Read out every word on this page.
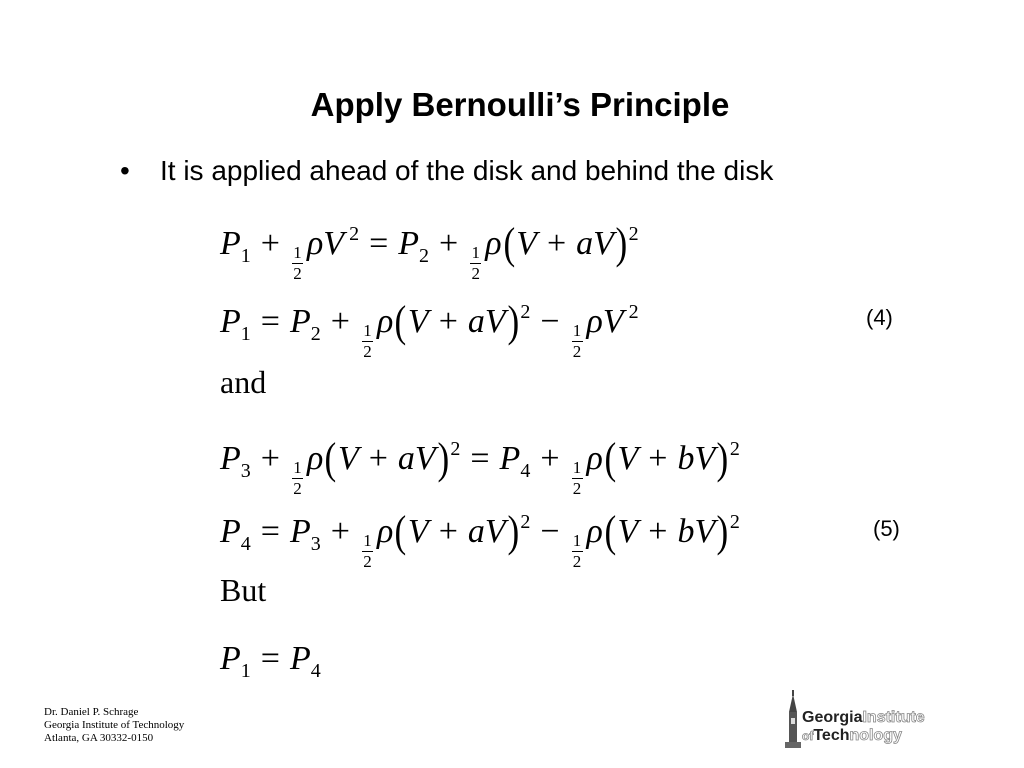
Apply Bernoulli’s Principle
• It is applied ahead of the disk and behind the disk
$P_1$ +
$\frac{1}{2}$
ρV $^2 = P_2$ +
$\frac{1}{2}$
ρ(V + aV)$^2$
$P_1 = P_2$ +
$\frac{1}{2}$
ρ(V + aV)$^2$ −
$\frac{1}{2}$
ρV $^2$	(4)
and
$P_3$ +
$\frac{1}{2}$
$\rho(V + aV)^2 = P_4$ +
$\frac{1}{2}$
ρ(V + bV)$^2$
$P_4 = P_3$ +
$\frac{1}{2}$
ρ(V + aV)$^2$ −
$\frac{1}{2}$
ρ(V + bV)$^2$	(5)
But
$P_1 = P_4$
Dr. Daniel P. Schrage
Georgia Institute of Technology
Atlanta, GA 30332-0150
GeorgiaInstitute
ofTechnology
